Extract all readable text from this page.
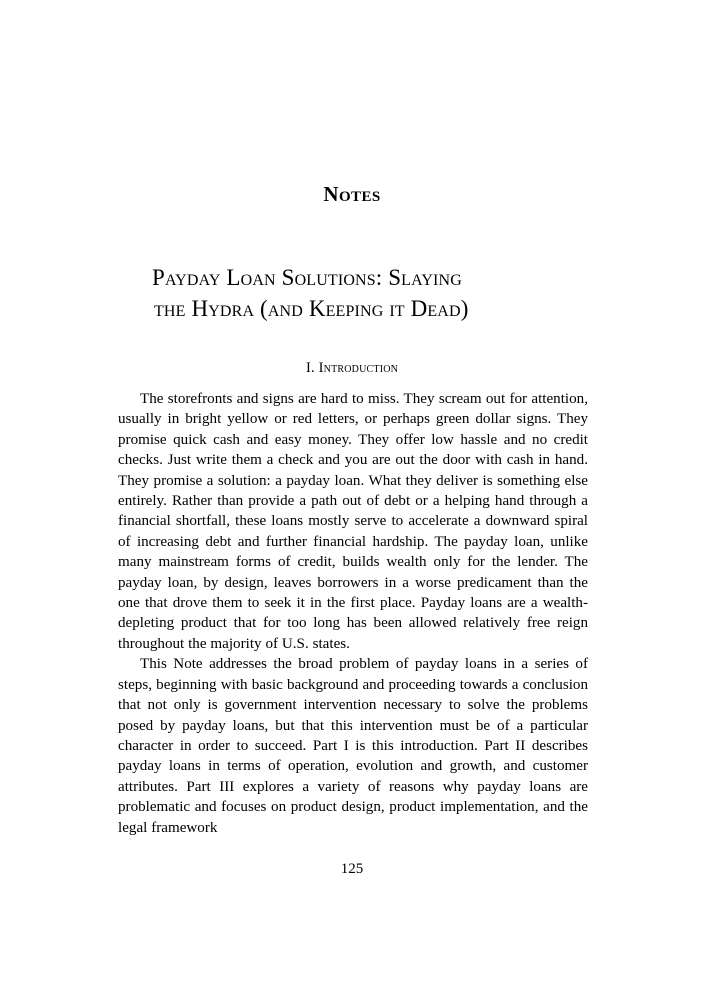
Notes
Payday Loan Solutions: Slaying
the Hydra (and Keeping it Dead)
I. Introduction

The storefronts and signs are hard to miss. They scream out for attention, usually in bright yellow or red letters, or perhaps green dollar signs. They promise quick cash and easy money. They offer low hassle and no credit checks. Just write them a check and you are out the door with cash in hand. They promise a solution: a payday loan. What they deliver is something else entirely. Rather than provide a path out of debt or a helping hand through a financial shortfall, these loans mostly serve to accelerate a downward spiral of increasing debt and further financial hardship. The payday loan, unlike many mainstream forms of credit, builds wealth only for the lender. The payday loan, by design, leaves borrowers in a worse predicament than the one that drove them to seek it in the first place. Payday loans are a wealth-depleting product that for too long has been allowed relatively free reign throughout the majority of U.S. states.

This Note addresses the broad problem of payday loans in a series of steps, beginning with basic background and proceeding towards a conclusion that not only is government intervention necessary to solve the problems posed by payday loans, but that this intervention must be of a particular character in order to succeed. Part I is this introduction. Part II describes payday loans in terms of operation, evolution and growth, and customer attributes. Part III explores a variety of reasons why payday loans are problematic and focuses on product design, product implementation, and the legal framework

125
